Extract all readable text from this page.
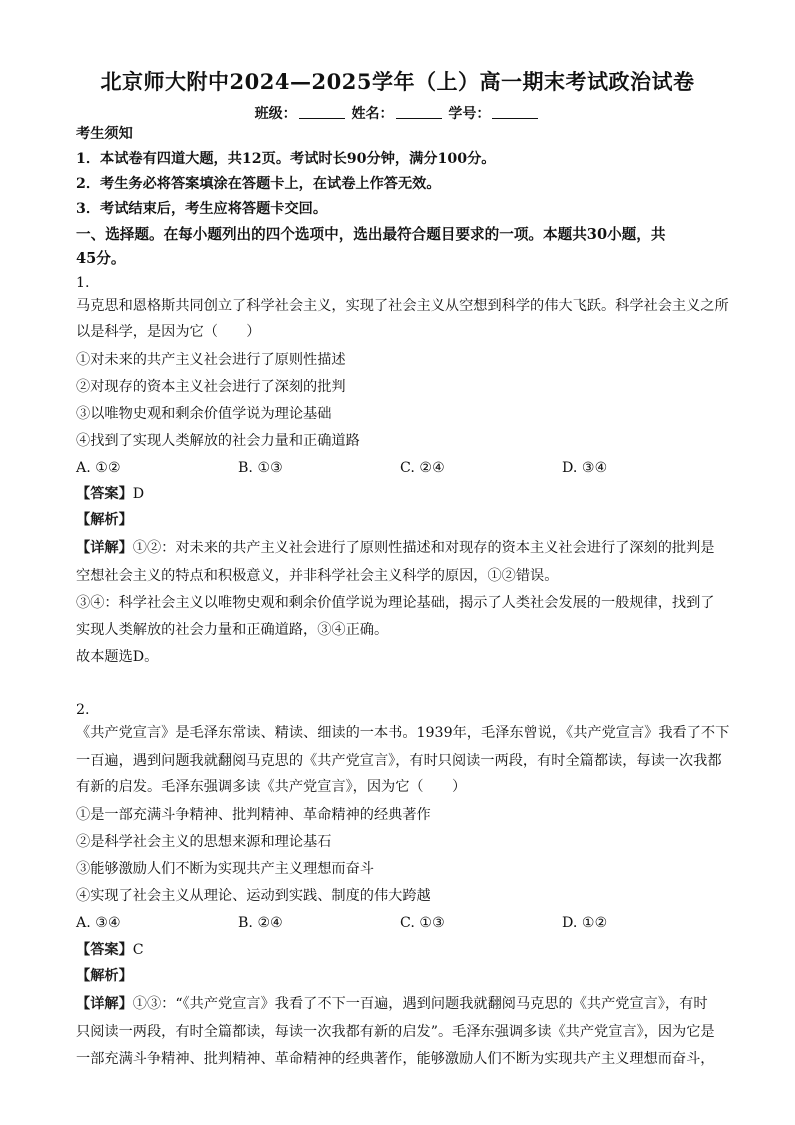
北京师大附中2024—2025学年（上）高一期末考试政治试卷
班级：	姓名：	学号：
考生须知
1．本试卷有四道大题，共12页。考试时长90分钟，满分100分。
2．考生务必将答案填涂在答题卡上，在试卷上作答无效。
3．考试结束后，考生应将答题卡交回。
一、选择题。在每小题列出的四个选项中，选出最符合题目要求的一项。本题共30小题，共
45分。
1.
马克思和恩格斯共同创立了科学社会主义，实现了社会主义从空想到科学的伟大飞跃。科学社会主义之所
以是科学，是因为它（　　）
①对未来的共产主义社会进行了原则性描述
②对现存的资本主义社会进行了深刻的批判
③以唯物史观和剩余价值学说为理论基础
④找到了实现人类解放的社会力量和正确道路
A. ①②	B. ①③	C. ②④	D. ③④
【答案】D
【解析】
【详解】①②：对未来的共产主义社会进行了原则性描述和对现存的资本主义社会进行了深刻的批判是
空想社会主义的特点和积极意义，并非科学社会主义科学的原因，①②错误。
③④：科学社会主义以唯物史观和剩余价值学说为理论基础，揭示了人类社会发展的一般规律，找到了
实现人类解放的社会力量和正确道路，③④正确。
故本题选D。
2.
《共产党宣言》是毛泽东常读、精读、细读的一本书。1939年，毛泽东曾说，《共产党宣言》我看了不下
一百遍，遇到问题我就翻阅马克思的《共产党宣言》，有时只阅读一两段，有时全篇都读，每读一次我都
有新的启发。毛泽东强调多读《共产党宣言》，因为它（　　）
①是一部充满斗争精神、批判精神、革命精神的经典著作
②是科学社会主义的思想来源和理论基石
③能够激励人们不断为实现共产主义理想而奋斗
④实现了社会主义从理论、运动到实践、制度的伟大跨越
A. ③④	B. ②④	C. ①③	D. ①②
【答案】C
【解析】
【详解】①③：“《共产党宣言》我看了不下一百遍，遇到问题我就翻阅马克思的《共产党宣言》，有时
只阅读一两段，有时全篇都读，每读一次我都有新的启发”。毛泽东强调多读《共产党宣言》，因为它是
一部充满斗争精神、批判精神、革命精神的经典著作，能够激励人们不断为实现共产主义理想而奋斗，
